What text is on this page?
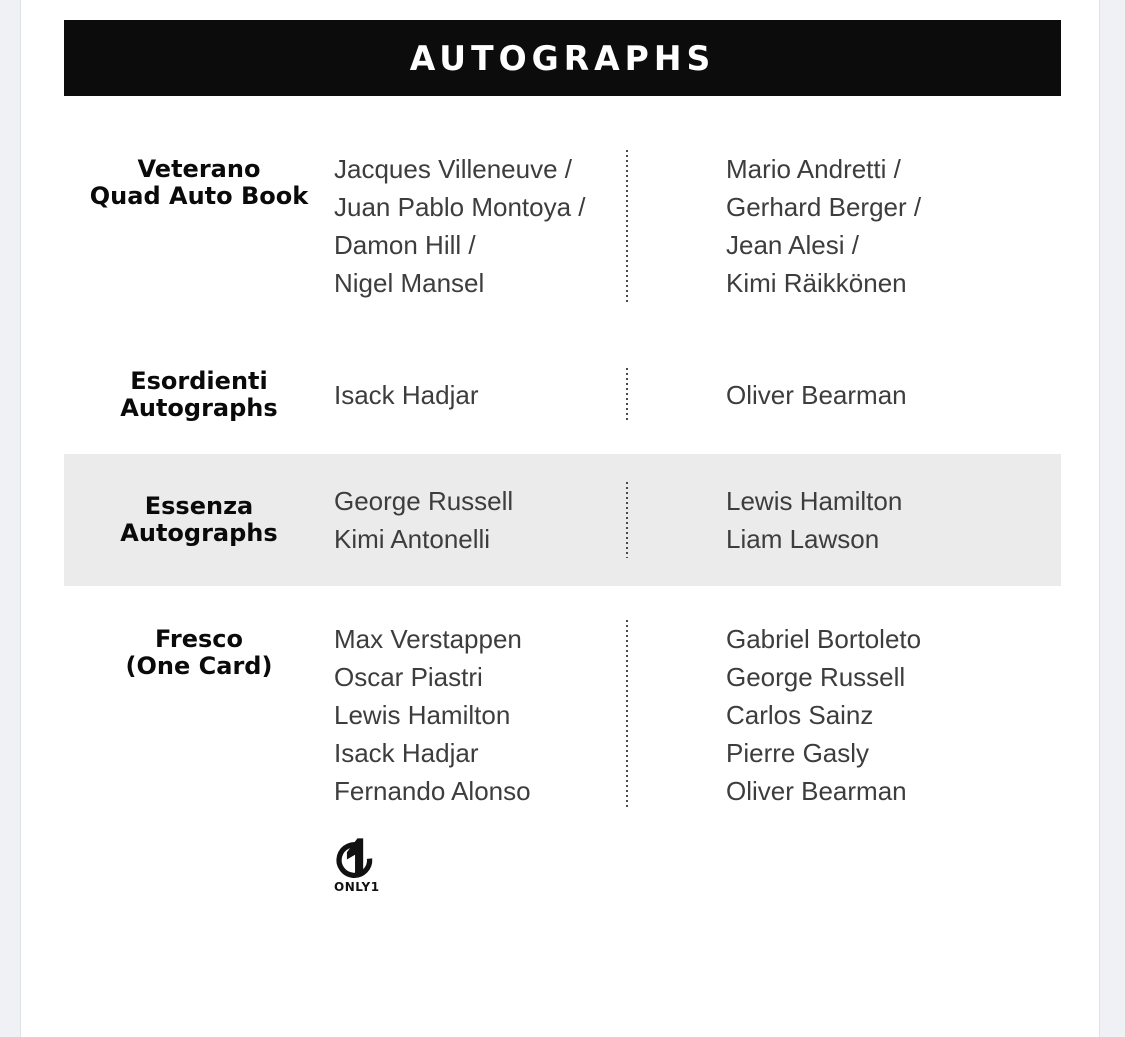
AUTOGRAPHS
Veterano
Quad Auto Book
Jacques Villeneuve /
Juan Pablo Montoya /
Damon Hill /
Nigel Mansel
Mario Andretti /
Gerhard Berger /
Jean Alesi /
Kimi Räikkönen
Esordienti
Autographs	Isack Hadjar	Oliver Bearman
Essenza
Autographs
George Russell
Kimi Antonelli
Lewis Hamilton
Liam Lawson
Fresco
(One Card)
Max Verstappen
Oscar Piastri
Lewis Hamilton
Isack Hadjar
Fernando Alonso
Gabriel Bortoleto
George Russell
Carlos Sainz
Pierre Gasly
Oliver Bearman
ONLY1
